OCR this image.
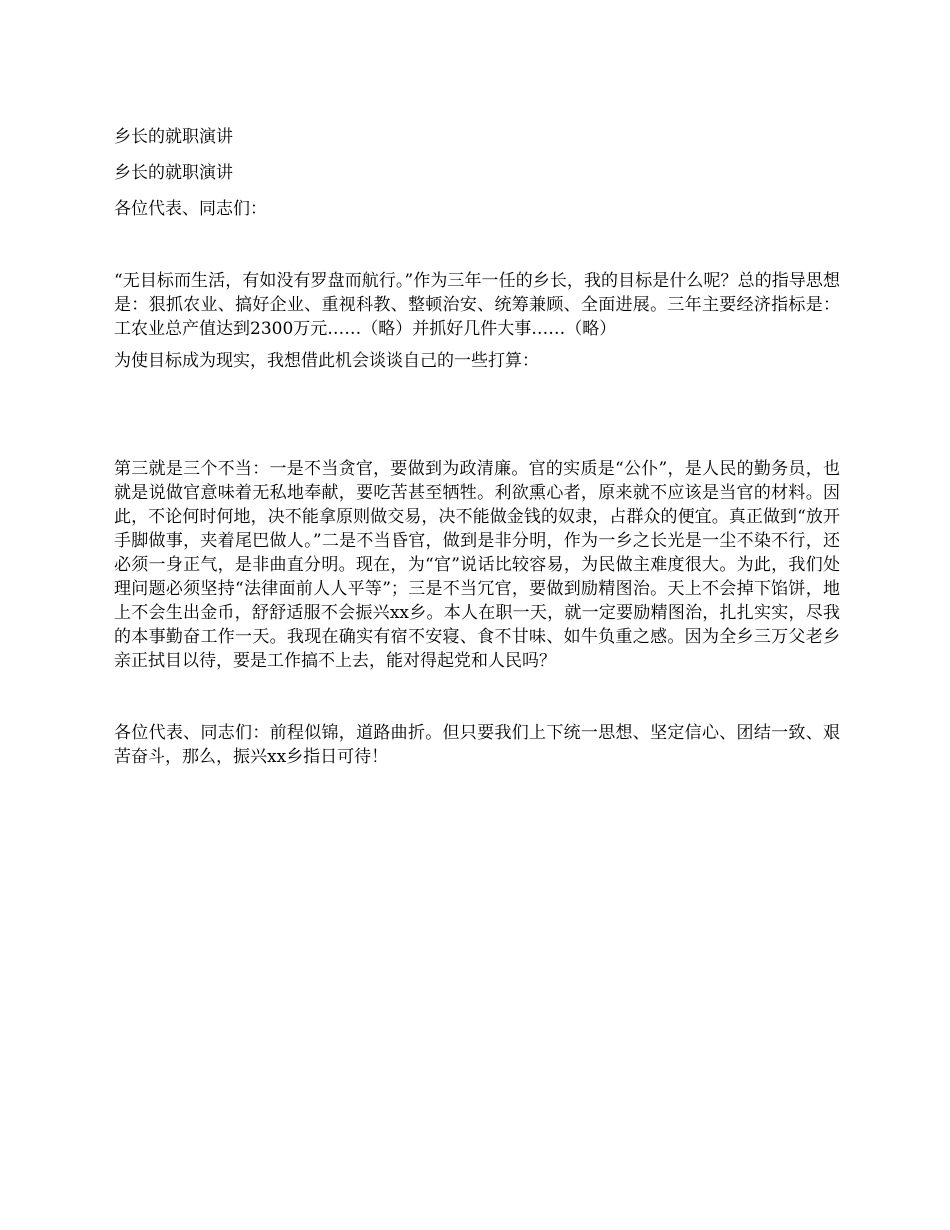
乡长的就职演讲

乡长的就职演讲

各位代表、同志们：

“无目标而生活，有如没有罗盘而航行。”作为三年一任的乡长，我的目标是什么呢？总的指导思想是：狠抓农业、搞好企业、重视科教、整顿治安、统筹兼顾、全面进展。三年主要经济指标是：工农业总产值达到2300万元……（略）并抓好几件大事……（略）

为使目标成为现实，我想借此机会谈谈自己的一些打算：

第三就是三个不当：一是不当贪官，要做到为政清廉。官的实质是“公仆”，是人民的勤务员，也就是说做官意味着无私地奉献，要吃苦甚至牺牲。利欲熏心者，原来就不应该是当官的材料。因此，不论何时何地，决不能拿原则做交易，决不能做金钱的奴隶，占群众的便宜。真正做到“放开手脚做事，夹着尾巴做人。”二是不当昏官，做到是非分明，作为一乡之长光是一尘不染不行，还必须一身正气，是非曲直分明。现在，为“官”说话比较容易，为民做主难度很大。为此，我们处理问题必须坚持“法律面前人人平等”；三是不当冗官，要做到励精图治。天上不会掉下馅饼，地上不会生出金币，舒舒适服不会振兴xx乡。本人在职一天，就一定要励精图治，扎扎实实，尽我的本事勤奋工作一天。我现在确实有宿不安寝、食不甘味、如牛负重之感。因为全乡三万父老乡亲正拭目以待，要是工作搞不上去，能对得起党和人民吗？

各位代表、同志们：前程似锦，道路曲折。但只要我们上下统一思想、坚定信心、团结一致、艰苦奋斗，那么，振兴xx乡指日可待！
